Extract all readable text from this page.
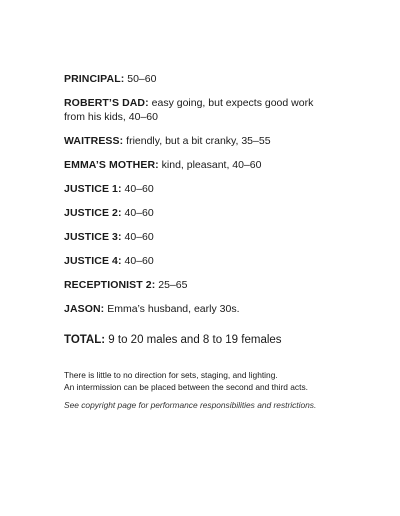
PRINCIPAL: 50–60
ROBERT’S DAD: easy going, but expects good work
from his kids, 40–60
WAITRESS: friendly, but a bit cranky, 35–55
EMMA’S MOTHER: kind, pleasant, 40–60
JUSTICE 1: 40–60
JUSTICE 2: 40–60
JUSTICE 3: 40–60
JUSTICE 4: 40–60
RECEPTIONIST 2: 25–65
JASON: Emma’s husband, early 30s.
TOTAL: 9 to 20 males and 8 to 19 females
There is little to no direction for sets, staging, and lighting.
An intermission can be placed between the second and third acts.
See copyright page for performance responsibilities and restrictions.
